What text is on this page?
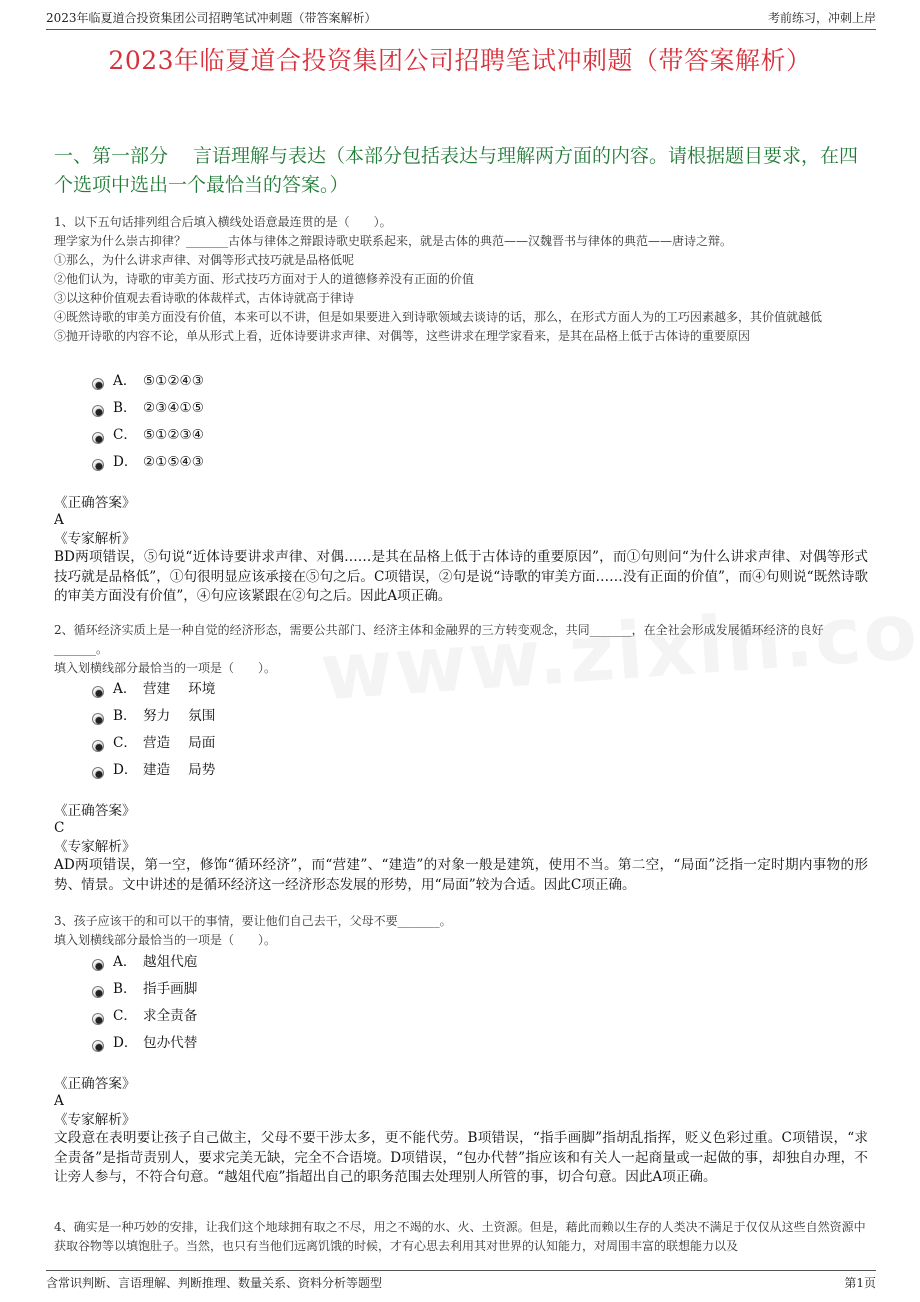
2023年临夏道合投资集团公司招聘笔试冲刺题（带答案解析）	考前练习，冲刺上岸
2023年临夏道合投资集团公司招聘笔试冲刺题（带答案解析）
一、第一部分　 言语理解与表达（本部分包括表达与理解两方面的内容。请根据题目要求，在四个选项中选出一个最恰当的答案。）
1、以下五句话排列组合后填入横线处语意最连贯的是（　　）。
理学家为什么崇古抑律？_______古体与律体之辩跟诗歌史联系起来，就是古体的典范——汉魏晋书与律体的典范——唐诗之辩。
①那么，为什么讲求声律、对偶等形式技巧就是品格低呢
②他们认为，诗歌的审美方面、形式技巧方面对于人的道德修养没有正面的价值
③以这种价值观去看诗歌的体裁样式，古体诗就高于律诗
④既然诗歌的审美方面没有价值，本来可以不讲，但是如果要进入到诗歌领域去谈诗的话，那么，在形式方面人为的工巧因素越多，其价值就越低
⑤抛开诗歌的内容不论，单从形式上看，近体诗要讲求声律、对偶等，这些讲求在理学家看来，是其在品格上低于古体诗的重要原因
A． ⑤①②④③
B． ②③④①⑤
C． ⑤①②③④
D． ②①⑤④③
《正确答案》
A
《专家解析》
BD两项错误，⑤句说“近体诗要讲求声律、对偶……是其在品格上低于古体诗的重要原因”，而①句则问“为什么讲求声律、对偶等形式技巧就是品格低”，①句很明显应该承接在⑤句之后。C项错误，②句是说“诗歌的审美方面……没有正面的价值”，而④句则说“既然诗歌的审美方面没有价值”，④句应该紧跟在②句之后。因此A项正确。
2、循环经济实质上是一种自觉的经济形态，需要公共部门、经济主体和金融界的三方转变观念，共同_______，在全社会形成发展循环经济的良好_______。
填入划横线部分最恰当的一项是（　　）。
A． 营建　 环境
B． 努力　 氛围
C． 营造　 局面
D． 建造　 局势
《正确答案》
C
《专家解析》
AD两项错误，第一空，修饰“循环经济”，而“营建”、“建造”的对象一般是建筑，使用不当。第二空，“局面”泛指一定时期内事物的形势、情景。文中讲述的是循环经济这一经济形态发展的形势，用“局面”较为合适。因此C项正确。
3、孩子应该干的和可以干的事情，要让他们自己去干，父母不要_______。
填入划横线部分最恰当的一项是（　　）。
A． 越俎代庖
B． 指手画脚
C． 求全责备
D． 包办代替
《正确答案》
A
《专家解析》
文段意在表明要让孩子自己做主，父母不要干涉太多，更不能代劳。B项错误，“指手画脚”指胡乱指挥，贬义色彩过重。C项错误，“求全责备”是指苛责别人，要求完美无缺，完全不合语境。D项错误，“包办代替”指应该和有关人一起商量或一起做的事，却独自办理，不让旁人参与，不符合句意。“越俎代庖”指超出自己的职务范围去处理别人所管的事，切合句意。因此A项正确。
4、确实是一种巧妙的安排，让我们这个地球拥有取之不尽，用之不竭的水、火、土资源。但是，藉此而赖以生存的人类决不满足于仅仅从这些自然资源中获取谷物等以填饱肚子。当然，也只有当他们远离饥饿的时候，才有心思去利用其对世界的认知能力，对周围丰富的联想能力以及
含常识判断、言语理解、判断推理、数量关系、资料分析等题型	第1页
